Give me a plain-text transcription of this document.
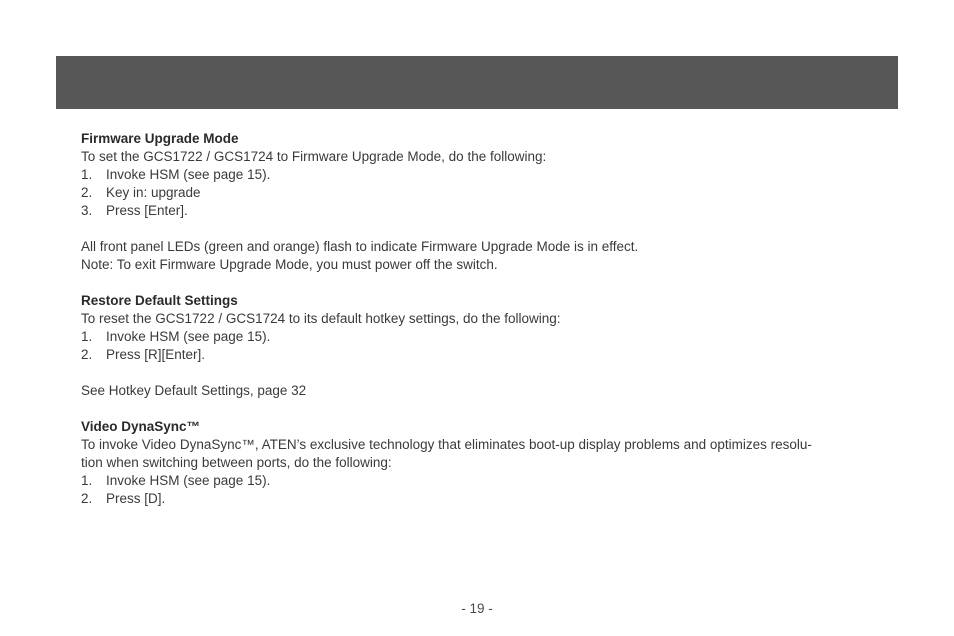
Firmware Upgrade Mode
To set the GCS1722 / GCS1724 to Firmware Upgrade Mode, do the following:
1.	Invoke HSM (see page 15).
2.	Key in: upgrade
3.	Press [Enter].
All front panel LEDs (green and orange) flash to indicate Firmware Upgrade Mode is in effect.
Note: To exit Firmware Upgrade Mode, you must power off the switch.
Restore Default Settings
To reset the GCS1722 / GCS1724 to its default hotkey settings, do the following:
1.	Invoke HSM (see page 15).
2.	Press [R][Enter].
See Hotkey Default Settings, page 32
Video DynaSync™
To invoke Video DynaSync™, ATEN’s exclusive technology that eliminates boot-up display problems and optimizes resolu-
tion when switching between ports, do the following:
1.	Invoke HSM (see page 15).
2.	Press [D].
- 19 -
